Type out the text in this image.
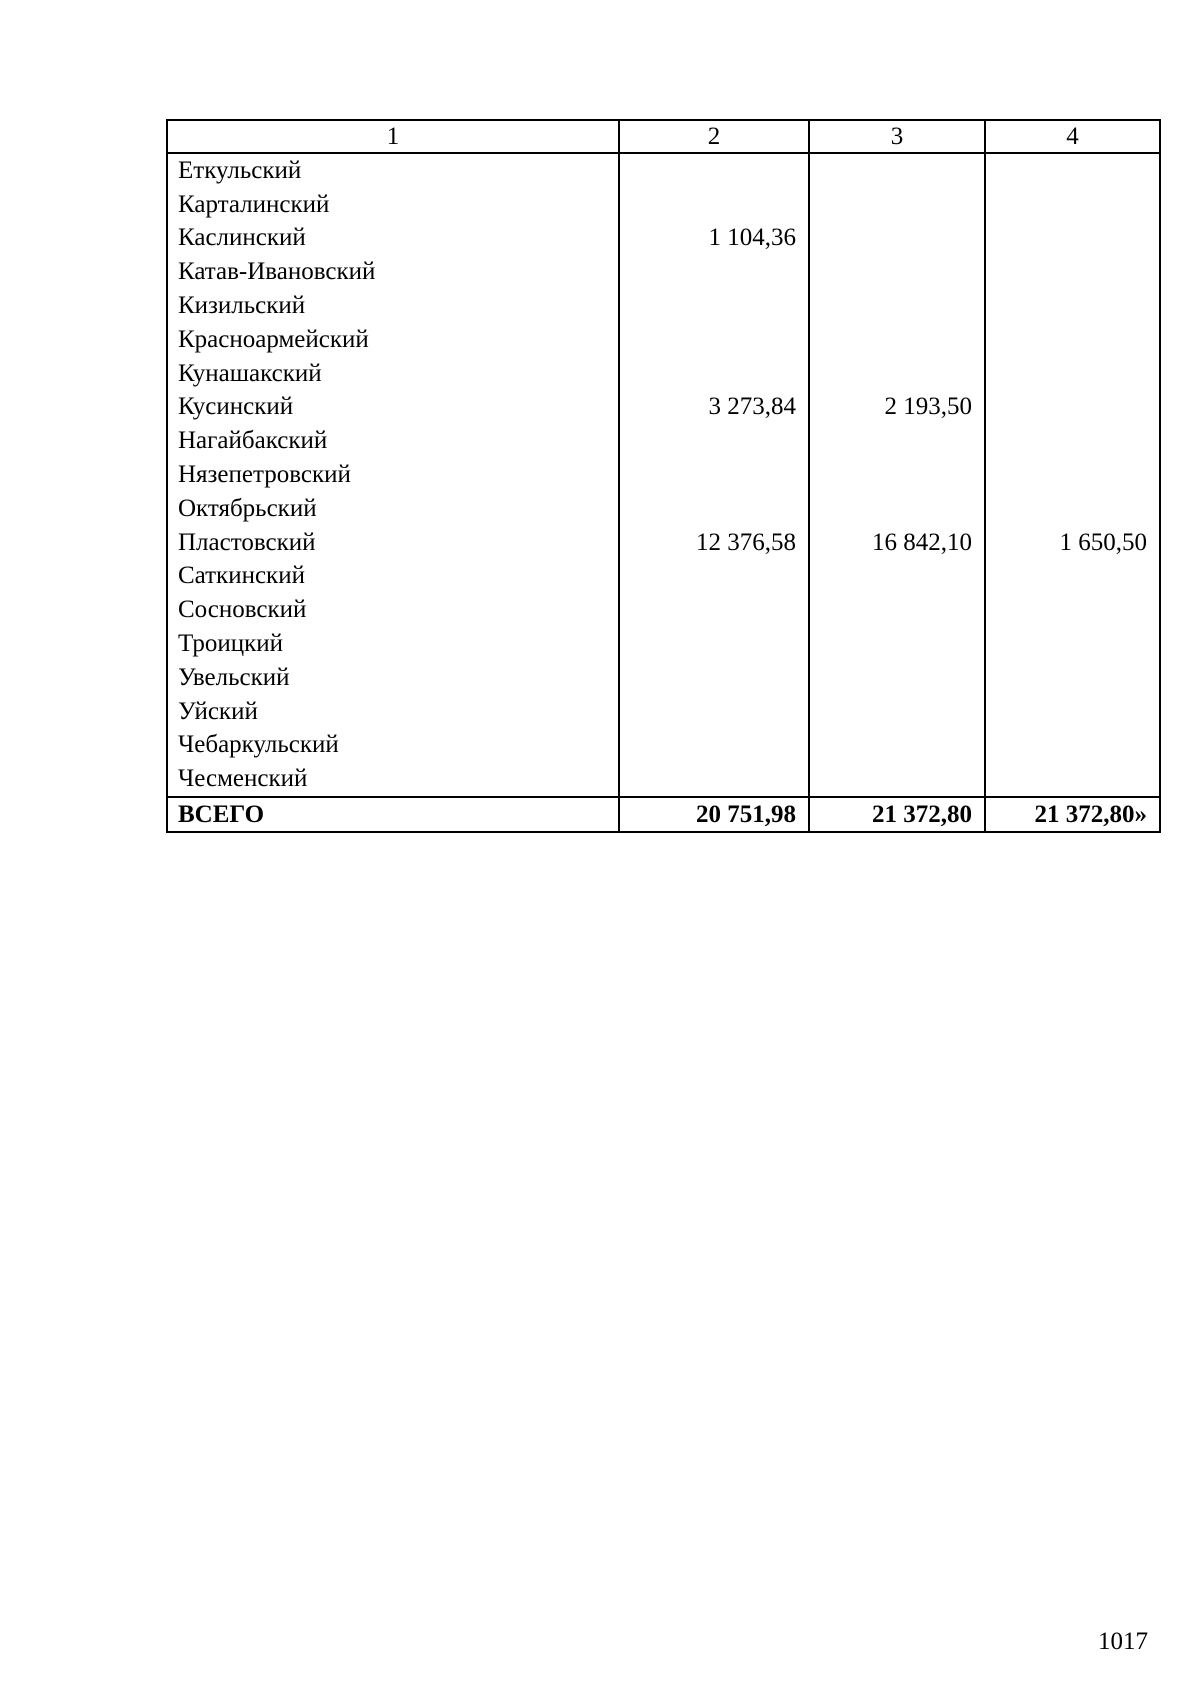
1	2	3	4
Еткульский			
Карталинский			
Каслинский	1 104,36		
Катав-Ивановский			
Кизильский			
Красноармейский			
Кунашакский			
Кусинский	3 273,84	2 193,50	
Нагайбакский			
Нязепетровский			
Октябрьский			
Пластовский	12 376,58	16 842,10	1 650,50
Саткинский			
Сосновский			
Троицкий			
Увельский			
Уйский			
Чебаркульский			
Чесменский			
ВСЕГО	20 751,98	21 372,80	21 372,80»
1017
